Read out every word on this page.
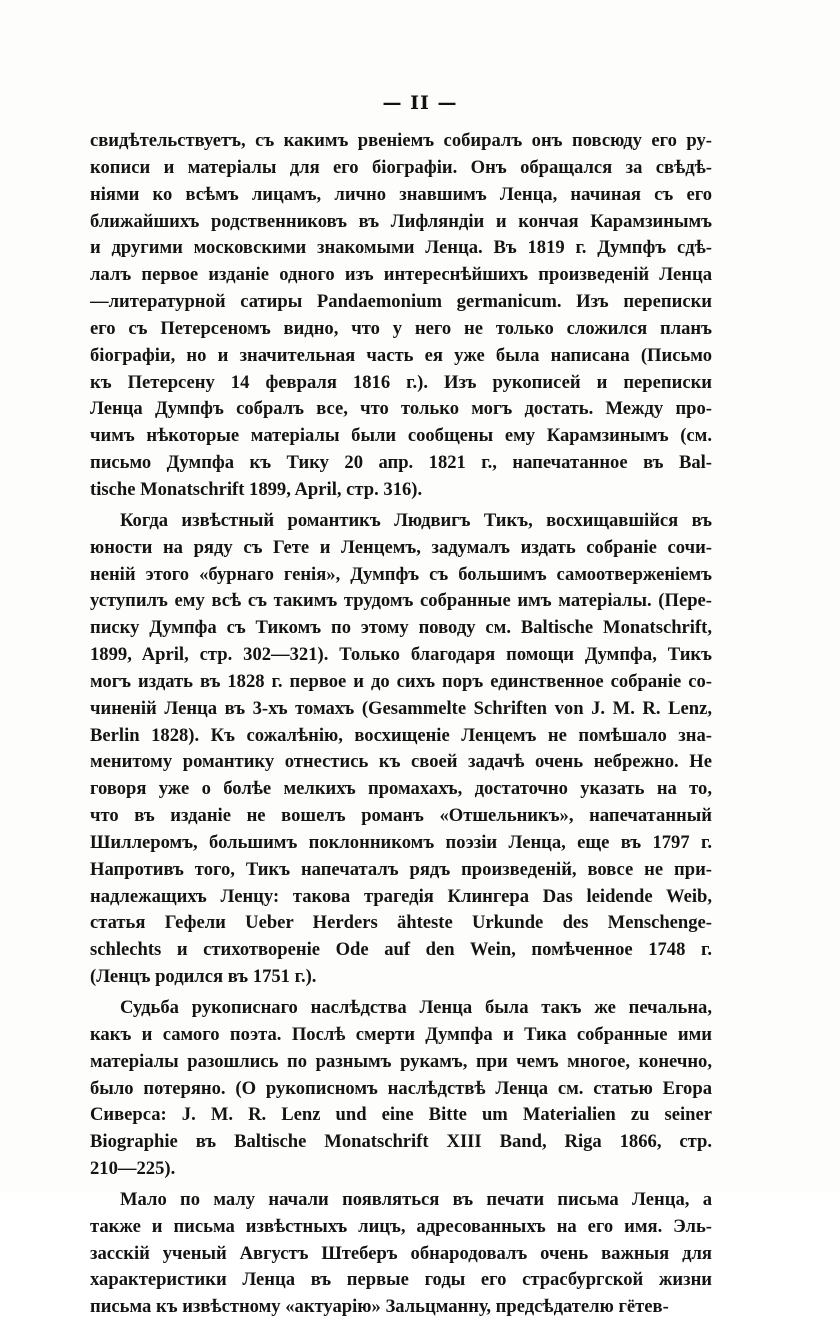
— II —
свидѣтельствуетъ, съ какимъ рвеніемъ собиралъ онъ повсюду его ру-
кописи и матеріалы для его біографіи. Онъ обращался за свѣдѣ-
ніями ко всѣмъ лицамъ, лично знавшимъ Ленца, начиная съ его
ближайшихъ родственниковъ въ Лифляндіи и кончая Карамзинымъ
и другими московскими знакомыми Ленца. Въ 1819 г. Думпфъ сдѣ-
лалъ первое изданіе одного изъ интереснѣйшихъ произведеній Ленца
—литературной сатиры Pandaemonium germanicum. Изъ переписки
его съ Петерсеномъ видно, что у него не только сложился планъ
біографіи, но и значительная часть ея уже была написана (Письмо
къ Петерсену 14 февраля 1816 г.). Изъ рукописей и переписки
Ленца Думпфъ собралъ все, что только могъ достать. Между про-
чимъ нѣкоторые матеріалы были сообщены ему Карамзинымъ (см.
письмо Думпфа къ Тику 20 апр. 1821 г., напечатанное въ Bal-
tische Monatschrift 1899, April, стр. 316).
Когда извѣстный романтикъ Людвигъ Тикъ, восхищавшійся въ
юности на ряду съ Гете и Ленцемъ, задумалъ издать собраніе сочи-
неній этого «бурнаго генія», Думпфъ съ большимъ самоотверженіемъ
уступилъ ему всѣ съ такимъ трудомъ собранные имъ матеріалы. (Пере-
писку Думпфа съ Тикомъ по этому поводу см. Baltische Monatschrift,
1899, April, стр. 302—321). Только благодаря помощи Думпфа, Тикъ
могъ издать въ 1828 г. первое и до сихъ поръ единственное собраніе со-
чиненій Ленца въ 3-хъ томахъ (Gesammelte Schriften von J. M. R. Lenz,
Berlin 1828). Къ сожалѣнію, восхищеніе Ленцемъ не помѣшало зна-
менитому романтику отнестись къ своей задачѣ очень небрежно. Не
говоря уже о болѣе мелкихъ промахахъ, достаточно указать на то,
что въ изданіе не вошелъ романъ «Отшельникъ», напечатанный
Шиллеромъ, большимъ поклонникомъ поэзіи Ленца, еще въ 1797 г.
Напротивъ того, Тикъ напечаталъ рядъ произведеній, вовсе не при-
надлежащихъ Ленцу: такова трагедія Клингера Das leidende Weib,
статья Гефели Ueber Herders ähteste Urkunde des Menschenge-
schlechts и стихотвореніе Ode auf den Wein, помѣченное 1748 г.
(Ленцъ родился въ 1751 г.).
Судьба рукописнаго наслѣдства Ленца была такъ же печальна,
какъ и самого поэта. Послѣ смерти Думпфа и Тика собранные ими
матеріалы разошлись по разнымъ рукамъ, при чемъ многое, конечно,
было потеряно. (О рукописномъ наслѣдствѣ Ленца см. статью Егора
Сиверса: J. M. R. Lenz und eine Bitte um Materialien zu seiner
Biographie въ Baltische Monatschrift XIII Band, Riga 1866, стр.
210—225).
Мало по малу начали появляться въ печати письма Ленца, а
также и письма извѣстныхъ лицъ, адресованныхъ на его имя. Эль-
засскій ученый Августъ Штеберъ обнародовалъ очень важныя для
характеристики Ленца въ первые годы его страсбургской жизни
письма къ извѣстному «актуарію» Зальцманну, предсѣдателю гётев-
